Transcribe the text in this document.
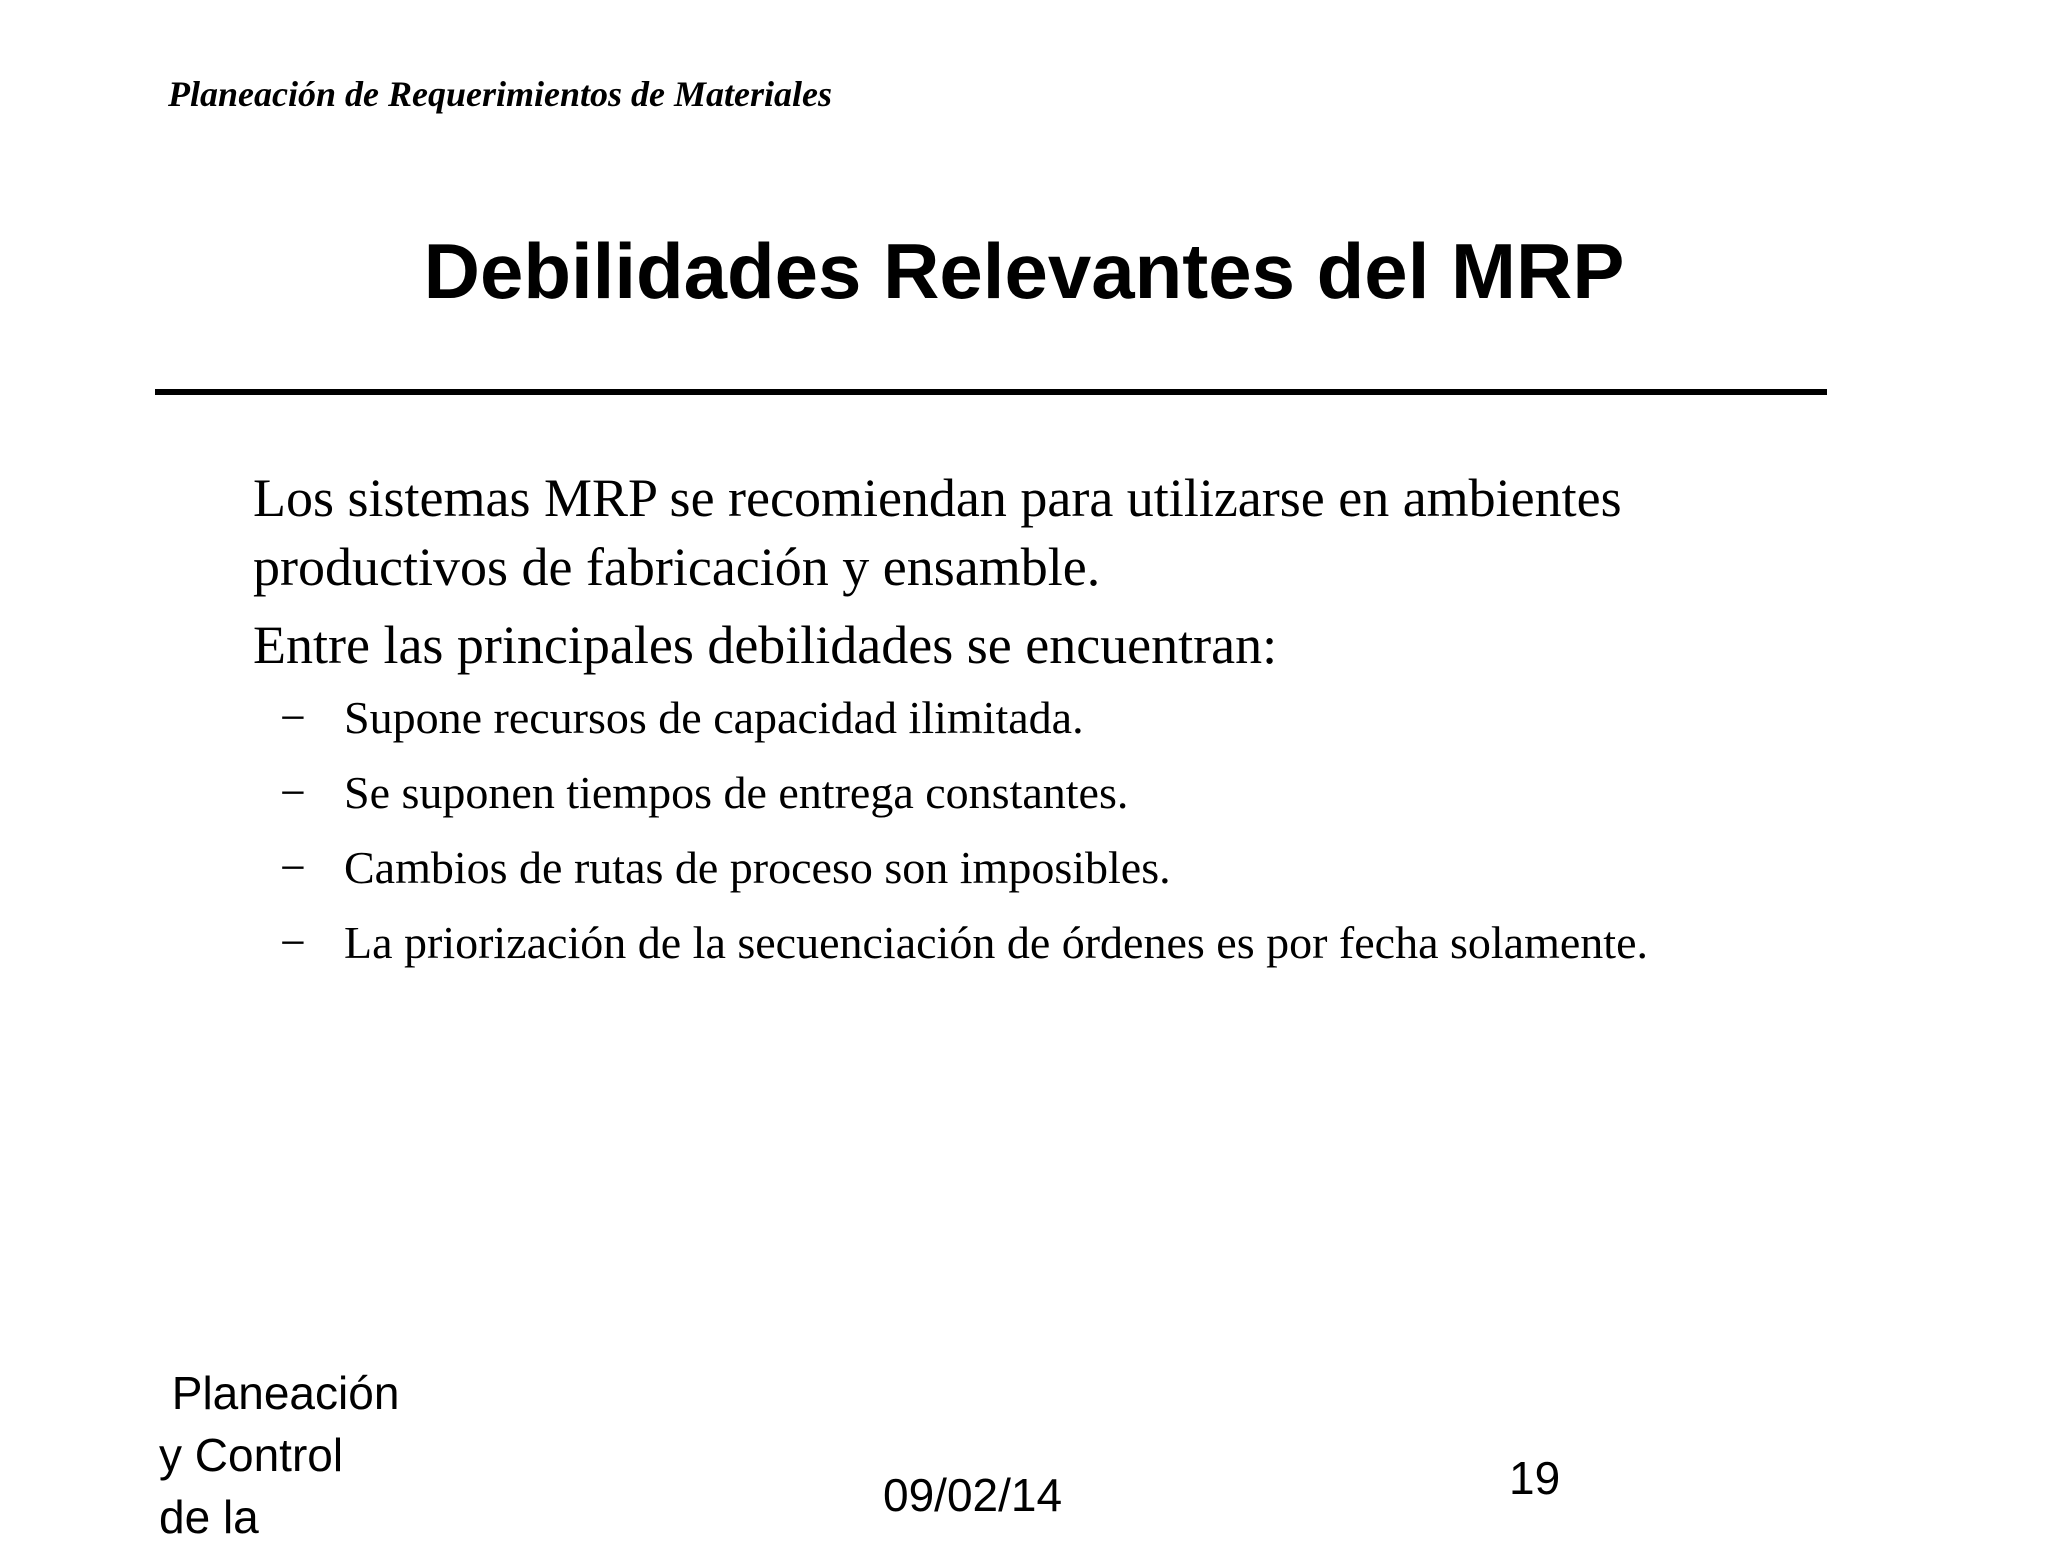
Planeación de Requerimientos de Materiales
Debilidades Relevantes del MRP

Los sistemas MRP se recomiendan para utilizarse en ambientes productivos de fabricación y ensamble.

Entre las principales debilidades se encuentran:

− Supone recursos de capacidad ilimitada.
− Se suponen tiempos de entrega constantes.
− Cambios de rutas de proceso son imposibles.
− La priorización de la secuenciación de órdenes es por fecha solamente.
Planeación
y Control
de la	09/02/14	19
